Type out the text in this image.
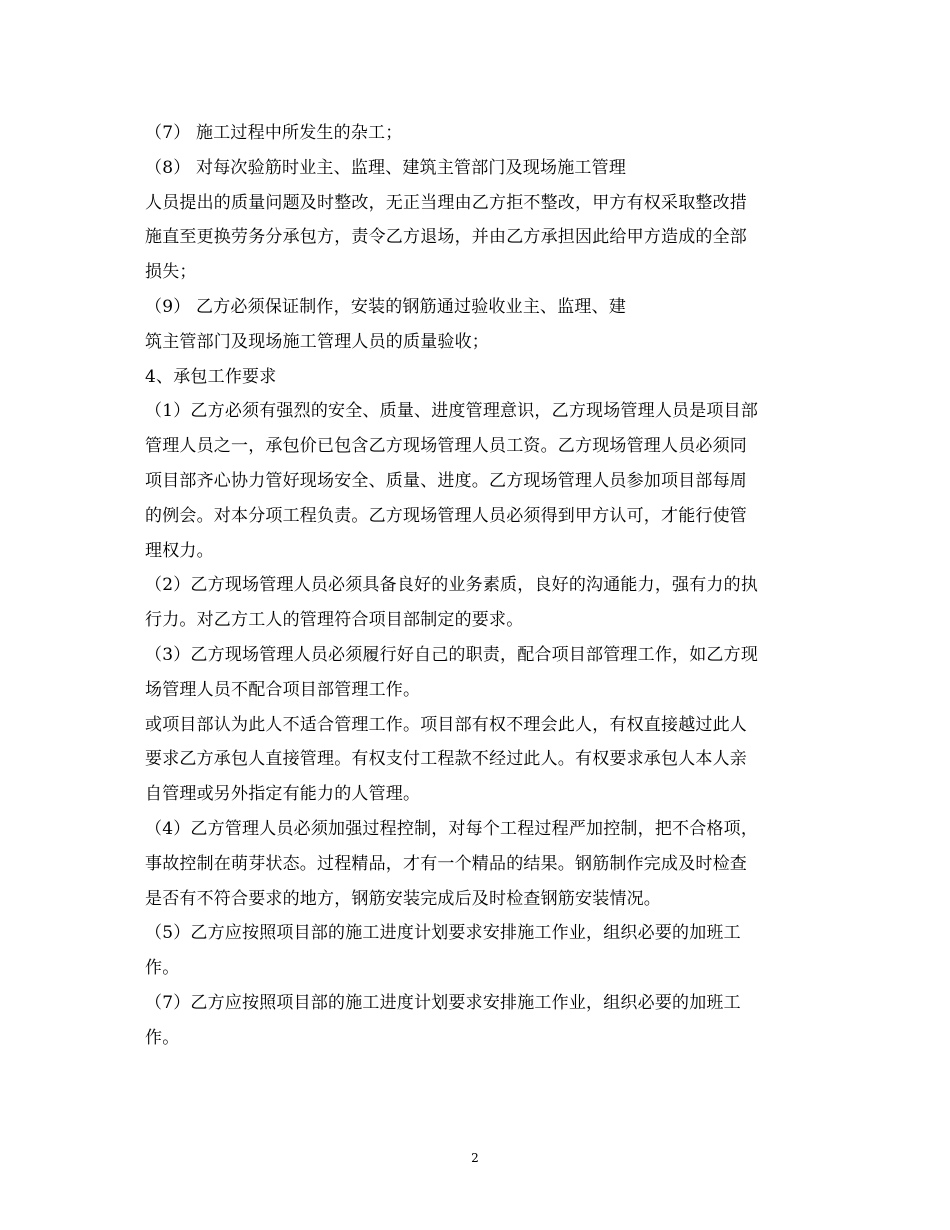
（7） 施工过程中所发生的杂工；
（8） 对每次验筋时业主、监理、建筑主管部门及现场施工管理
人员提出的质量问题及时整改，无正当理由乙方拒不整改，甲方有权采取整改措
施直至更换劳务分承包方，责令乙方退场，并由乙方承担因此给甲方造成的全部
损失；
（9） 乙方必须保证制作，安装的钢筋通过验收业主、监理、建
筑主管部门及现场施工管理人员的质量验收；
4、承包工作要求
（1）乙方必须有强烈的安全、质量、进度管理意识，乙方现场管理人员是项目部
管理人员之一，承包价已包含乙方现场管理人员工资。乙方现场管理人员必须同
项目部齐心协力管好现场安全、质量、进度。乙方现场管理人员参加项目部每周
的例会。对本分项工程负责。乙方现场管理人员必须得到甲方认可，才能行使管
理权力。
（2）乙方现场管理人员必须具备良好的业务素质，良好的沟通能力，强有力的执
行力。对乙方工人的管理符合项目部制定的要求。
（3）乙方现场管理人员必须履行好自己的职责，配合项目部管理工作，如乙方现
场管理人员不配合项目部管理工作。
或项目部认为此人不适合管理工作。项目部有权不理会此人，有权直接越过此人
要求乙方承包人直接管理。有权支付工程款不经过此人。有权要求承包人本人亲
自管理或另外指定有能力的人管理。
（4）乙方管理人员必须加强过程控制，对每个工程过程严加控制，把不合格项，
事故控制在萌芽状态。过程精品，才有一个精品的结果。钢筋制作完成及时检查
是否有不符合要求的地方，钢筋安装完成后及时检查钢筋安装情况。
（5）乙方应按照项目部的施工进度计划要求安排施工作业，组织必要的加班工
作。
（7）乙方应按照项目部的施工进度计划要求安排施工作业，组织必要的加班工
作。
2
